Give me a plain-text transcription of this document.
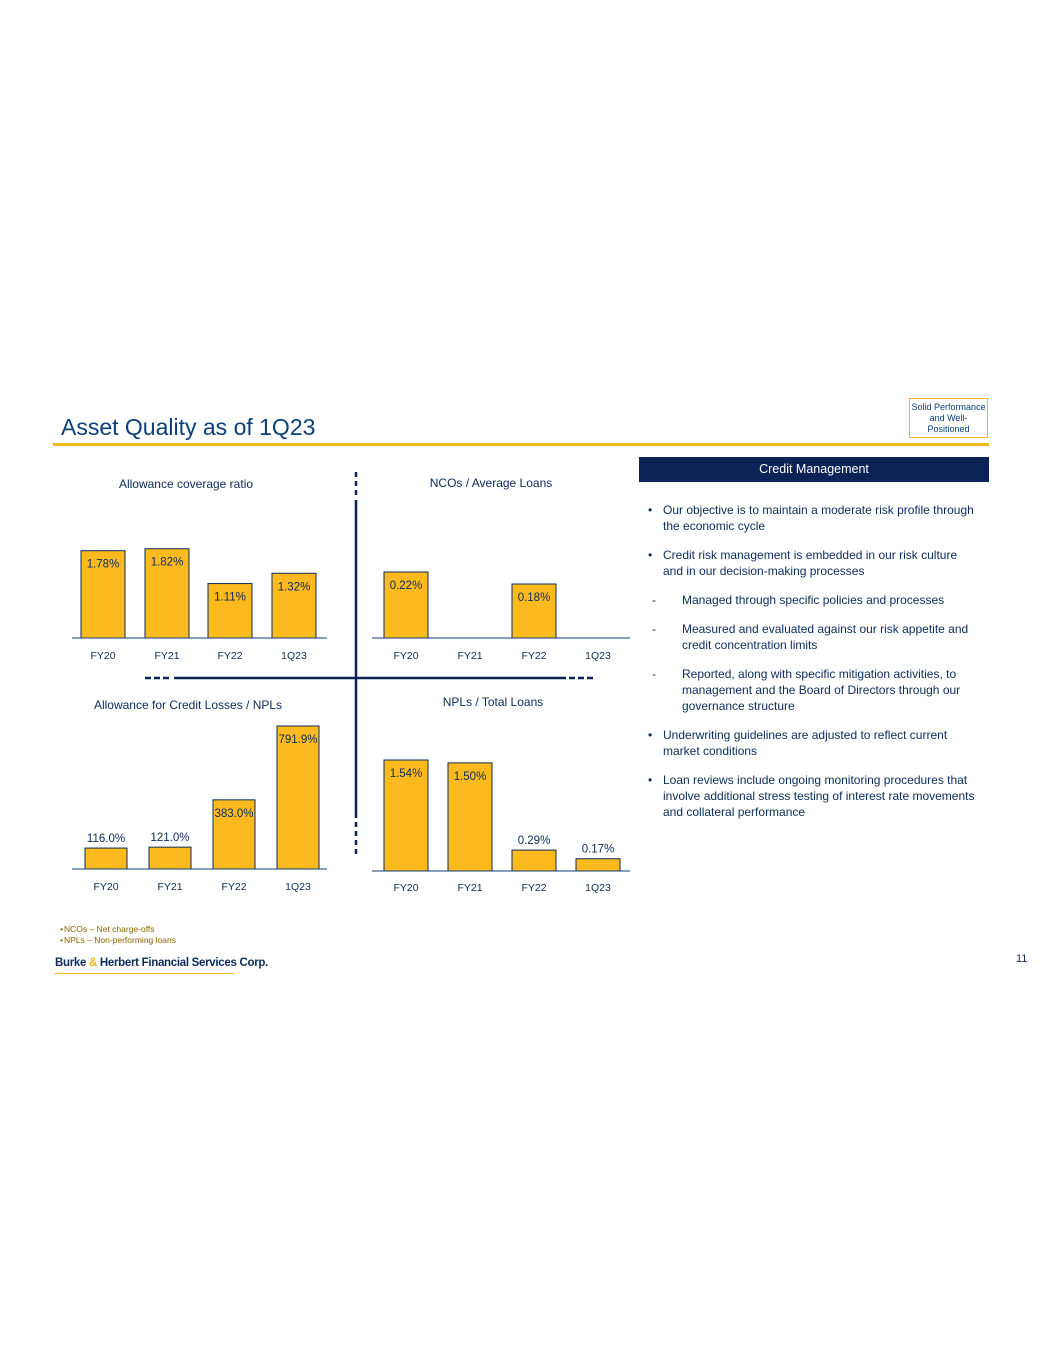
Asset Quality as of 1Q23
Solid Performance
and Well-
Positioned
Allowance coverage ratio
1.78%
FY20
1.82%
FY21
1.11%
FY22
1.32%
1Q23
NCOs / Average Loans
0.22%
FY20	FY21
0.18%
FY22	1Q23
Allowance for Credit Losses / NPLs
116.0%
FY20
121.0%
FY21
383.0%
FY22
791.9%
1Q23
NPLs / Total Loans
1.54%
FY20
1.50%
FY21
0.29%
FY22
0.17%
1Q23
Credit Management
• Our objective is to maintain a moderate risk profile through
the economic cycle
• Credit risk management is embedded in our risk culture
and in our decision-making processes
- Managed through specific policies and processes
- Measured and evaluated against our risk appetite and
credit concentration limits
- Reported, along with specific mitigation activities, to
management and the Board of Directors through our
governance structure
• Underwriting guidelines are adjusted to reflect current
market conditions
• Loan reviews include ongoing monitoring procedures that
involve additional stress testing of interest rate movements
and collateral performance
• NCOs – Net charge-offs
• NPLs – Non-performing loans
Burke & Herbert Financial Services Corp.	11
